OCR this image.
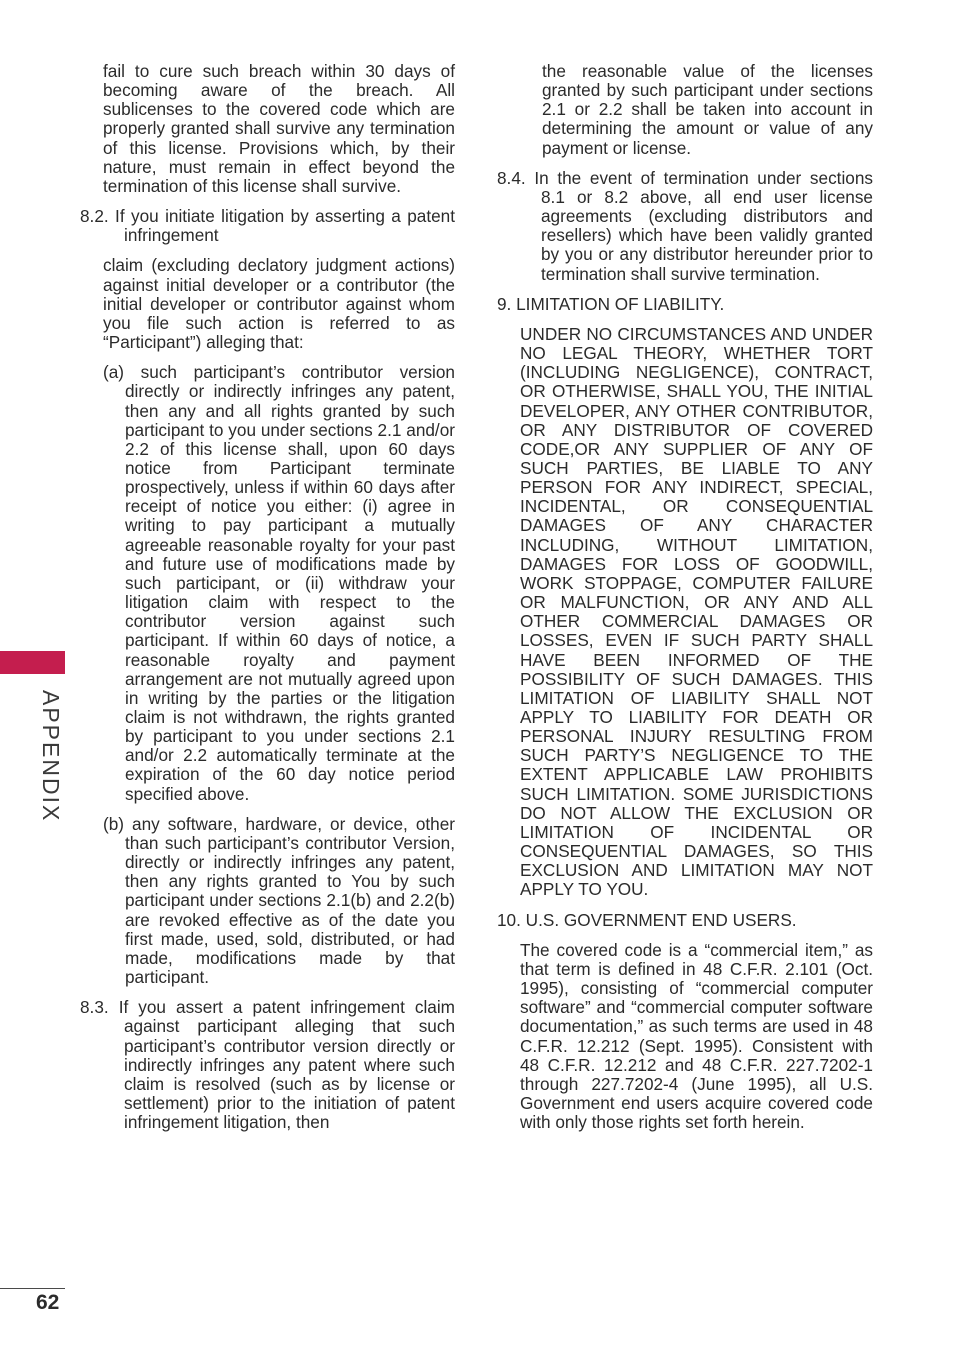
fail to cure such breach within 30 days of becoming aware of the breach. All sublicenses to the covered code which are properly granted shall survive any termination of this license. Provisions which, by their nature, must remain in effect beyond the termination of this license shall survive.

8.2. If you initiate litigation by asserting a patent infringement

claim (excluding declatory judgment actions) against initial developer or a contributor (the initial developer or contributor against whom you file such action is referred to as “Participant”) alleging that:

(a) such participant’s contributor version directly or indirectly infringes any patent, then any and all rights granted by such participant to you under sections 2.1 and/or 2.2 of this license shall, upon 60 days notice from Participant terminate prospectively, unless if within 60 days after receipt of notice you either: (i) agree in writing to pay participant a mutually agreeable reasonable royalty for your past and future use of modifications made by such participant, or (ii) withdraw your litigation claim with respect to the contributor version against such participant. If within 60 days of notice, a reasonable royalty and payment arrangement are not mutually agreed upon in writing by the parties or the litigation claim is not withdrawn, the rights granted by participant to you under sections 2.1 and/or 2.2 automatically terminate at the expiration of the 60 day notice period specified above.

(b) any software, hardware, or device, other than such participant’s contributor Version, directly or indirectly infringes any patent, then any rights granted to You by such participant under sections 2.1(b) and 2.2(b) are revoked effective as of the date you first made, used, sold, distributed, or had made, modifications made by that participant.

8.3. If you assert a patent infringement claim against participant alleging that such participant’s contributor version directly or indirectly infringes any patent where such claim is resolved (such as by license or settlement) prior to the initiation of patent infringement litigation, then

the reasonable value of the licenses granted by such participant under sections 2.1 or 2.2 shall be taken into account in determining the amount or value of any payment or license.

8.4. In the event of termination under sections 8.1 or 8.2 above, all end user license agreements (excluding distributors and resellers) which have been validly granted by you or any distributor hereunder prior to termination shall survive termination.

9. LIMITATION OF LIABILITY.

UNDER NO CIRCUMSTANCES AND UNDER NO LEGAL THEORY, WHETHER TORT (INCLUDING NEGLIGENCE), CONTRACT, OR OTHERWISE, SHALL YOU, THE INITIAL DEVELOPER, ANY OTHER CONTRIBUTOR, OR ANY DISTRIBUTOR OF COVERED CODE,OR ANY SUPPLIER OF ANY OF SUCH PARTIES, BE LIABLE TO ANY PERSON FOR ANY INDIRECT, SPECIAL, INCIDENTAL, OR CONSEQUENTIAL DAMAGES OF ANY CHARACTER INCLUDING, WITHOUT LIMITATION, DAMAGES FOR LOSS OF GOODWILL, WORK STOPPAGE, COMPUTER FAILURE OR MALFUNCTION, OR ANY AND ALL OTHER COMMERCIAL DAMAGES OR LOSSES, EVEN IF SUCH PARTY SHALL HAVE BEEN INFORMED OF THE POSSIBILITY OF SUCH DAMAGES. THIS LIMITATION OF LIABILITY SHALL NOT APPLY TO LIABILITY FOR DEATH OR PERSONAL INJURY RESULTING FROM SUCH PARTY’S NEGLIGENCE TO THE EXTENT APPLICABLE LAW PROHIBITS SUCH LIMITATION. SOME JURISDICTIONS DO NOT ALLOW THE EXCLUSION OR LIMITATION OF INCIDENTAL OR CONSEQUENTIAL DAMAGES, SO THIS EXCLUSION AND LIMITATION MAY NOT APPLY TO YOU.

10. U.S. GOVERNMENT END USERS.

The covered code is a “commercial item,” as that term is defined in 48 C.F.R. 2.101 (Oct. 1995), consisting of “commercial computer software” and “commercial computer software documentation,” as such terms are used in 48 C.F.R. 12.212 (Sept. 1995). Consistent with 48 C.F.R. 12.212 and 48 C.F.R. 227.7202-1 through 227.7202-4 (June 1995), all U.S. Government end users acquire covered code with only those rights set forth herein.

APPENDIX
62
